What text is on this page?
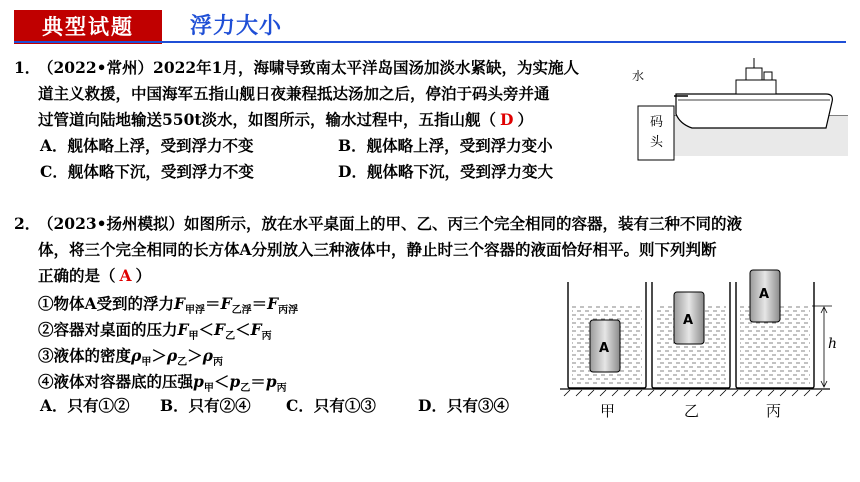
典型试题	浮力大小
1．
（2022•常州）2022年1月，海啸导致南太平洋岛国汤加淡水紧缺，为实施人
道主义救援，中国海军五指山舰日夜兼程抵达汤加之后，停泊于码头旁并通
过管道向陆地输送550t淡水，如图所示，输水过程中，五指山舰（ D ）
A．舰体略上浮，受到浮力不变	B．舰体略上浮，受到浮力变小
C．舰体略下沉，受到浮力不变	D．舰体略下沉，受到浮力变大
水
码
头
2．
（2023•扬州模拟）如图所示，放在水平桌面上的甲、乙、丙三个完全相同的容器，装有三种不同的液
体，将三个完全相同的长方体A分别放入三种液体中，静止时三个容器的液面恰好相平。则下列判断
正确的是（ A ）
①物体A受到的浮力$F_{甲浮}=F_{乙浮}=F_{丙浮}$
②容器对桌面的压力$F_甲<F_乙<F_丙$
③液体的密度$\rho_甲>\rho_乙>\rho_丙$
④液体对容器底的压强$p_甲<p_乙=p_丙$
A．只有①② B．只有②④ C．只有①③	D．只有③④
A
A
A
h
甲	乙	丙
